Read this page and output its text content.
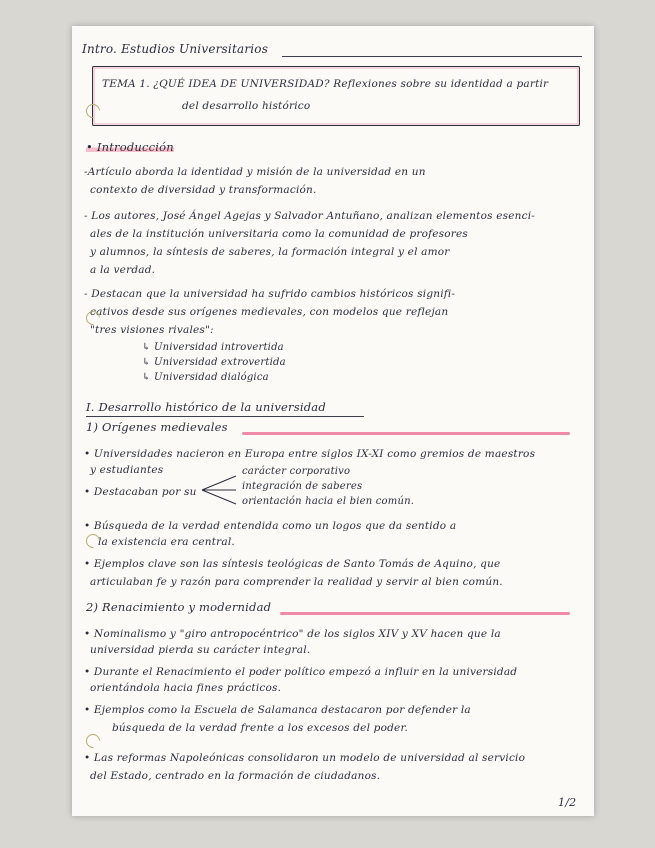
Intro. Estudios Universitarios
TEMA 1. ¿QUÉ IDEA DE UNIVERSIDAD? Reflexiones sobre su identidad a partir
del desarrollo histórico
• Introducción
-Artículo aborda la identidad y misión de la universidad en un
contexto de diversidad y transformación.
- Los autores, José Ángel Agejas y Salvador Antuñano, analizan elementos esenci-
ales de la institución universitaria como la comunidad de profesores
y alumnos, la síntesis de saberes, la formación integral y el amor
a la verdad.
- Destacan que la universidad ha sufrido cambios históricos signifi-
cativos desde sus orígenes medievales, con modelos que reflejan
"tres visiones rivales":
↳ Universidad introvertida
↳ Universidad extrovertida
↳ Universidad dialógica
I. Desarrollo histórico de la universidad
1) Orígenes medievales
• Universidades nacieron en Europa entre siglos IX-XI como gremios de maestros
y estudiantes
• Destacaban por su
carácter corporativo
integración de saberes
orientación hacia el bien común.
• Búsqueda de la verdad entendida como un logos que da sentido a
la existencia era central.
• Ejemplos clave son las síntesis teológicas de Santo Tomás de Aquino, que
articulaban fe y razón para comprender la realidad y servir al bien común.
2) Renacimiento y modernidad
• Nominalismo y "giro antropocéntrico" de los siglos XIV y XV hacen que la
universidad pierda su carácter integral.
• Durante el Renacimiento el poder político empezó a influir en la universidad
orientándola hacia fines prácticos.
• Ejemplos como la Escuela de Salamanca destacaron por defender la
búsqueda de la verdad frente a los excesos del poder.
• Las reformas Napoleónicas consolidaron un modelo de universidad al servicio
del Estado, centrado en la formación de ciudadanos.
1/2
